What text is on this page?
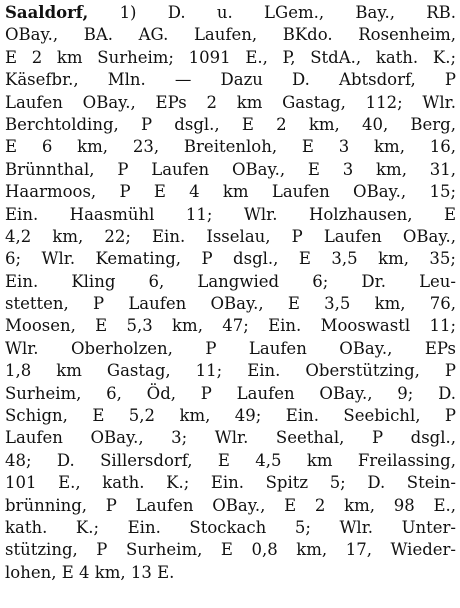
Saaldorf, 1) D. u. LGem., Bay., RB.
OBay., BA. AG. Laufen, BKdo. Rosenheim,
E 2 km Surheim; 1091 E., P, StdA., kath. K.;
Käsefbr., Mln. — Dazu D. Abtsdorf, P
Laufen OBay., EPs 2 km Gastag, 112; Wlr.
Berchtolding, P dsgl., E 2 km, 40, Berg,
E 6 km, 23, Breitenloh, E 3 km, 16,
Brünnthal, P Laufen OBay., E 3 km, 31,
Haarmoos, P E 4 km Laufen OBay., 15;
Ein. Haasmühl 11; Wlr. Holzhausen, E
4,2 km, 22; Ein. Isselau, P Laufen OBay.,
6; Wlr. Kemating, P dsgl., E 3,5 km, 35;
Ein. Kling 6, Langwied 6; Dr. Leu-
stetten, P Laufen OBay., E 3,5 km, 76,
Moosen, E 5,3 km, 47; Ein. Mooswastl 11;
Wlr. Oberholzen, P Laufen OBay., EPs
1,8 km Gastag, 11; Ein. Oberstützing, P
Surheim, 6, Öd, P Laufen OBay., 9; D.
Schign, E 5,2 km, 49; Ein. Seebichl, P
Laufen OBay., 3; Wlr. Seethal, P dsgl.,
48; D. Sillersdorf, E 4,5 km Freilassing,
101 E., kath. K.; Ein. Spitz 5; D. Stein-
brünning, P Laufen OBay., E 2 km, 98 E.,
kath. K.; Ein. Stockach 5; Wlr. Unter-
stützing, P Surheim, E 0,8 km, 17, Wieder-
lohen, E 4 km, 13 E.
